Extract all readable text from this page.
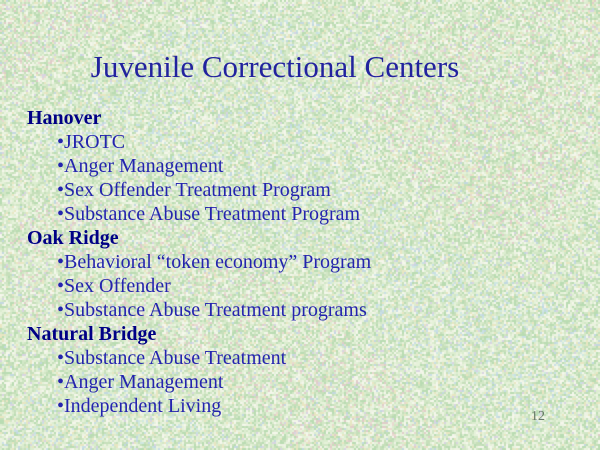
Juvenile Correctional Centers
Hanover
•JROTC
•Anger Management
•Sex Offender Treatment Program
•Substance Abuse Treatment Program
Oak Ridge
•Behavioral “token economy” Program
•Sex Offender
•Substance Abuse Treatment programs
Natural Bridge
•Substance Abuse Treatment
•Anger Management
•Independent Living	12
